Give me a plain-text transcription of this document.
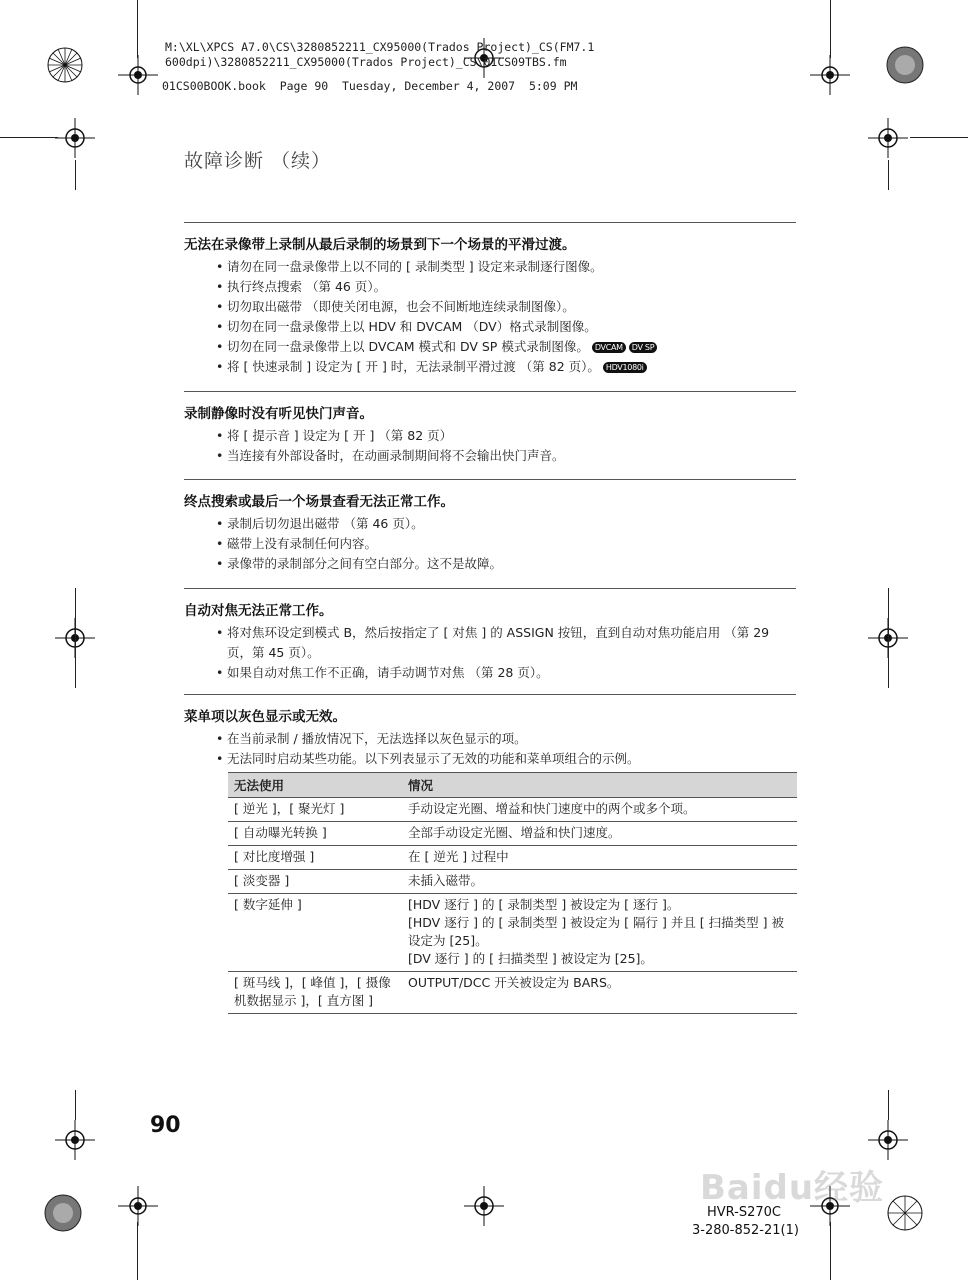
M:\XL\XPCS A7.0\CS\3280852211_CX95000(Trados Project)_CS(FM7.1
600dpi)\3280852211_CX95000(Trados Project)_CS\01CS09TBS.fm
01CS00BOOK.book  Page 90  Tuesday, December 4, 2007  5:09 PM
故障诊断 （续）
无法在录像带上录制从最后录制的场景到下一个场景的平滑过渡。
• 请勿在同一盘录像带上以不同的 [ 录制类型 ] 设定来录制逐行图像。
• 执行终点搜索 （第 46 页）。
• 切勿取出磁带 （即使关闭电源，也会不间断地连续录制图像）。
• 切勿在同一盘录像带上以 HDV 和 DVCAM （DV）格式录制图像。
• 切勿在同一盘录像带上以 DVCAM 模式和 DV SP 模式录制图像。 DVCAM DV SP
• 将 [ 快速录制 ] 设定为 [ 开 ] 时，无法录制平滑过渡 （第 82 页）。 HDV1080i
录制静像时没有听见快门声音。
• 将 [ 提示音 ] 设定为 [ 开 ] （第 82 页）
• 当连接有外部设备时，在动画录制期间将不会输出快门声音。
终点搜索或最后一个场景查看无法正常工作。
• 录制后切勿退出磁带 （第 46 页）。
• 磁带上没有录制任何内容。
• 录像带的录制部分之间有空白部分。这不是故障。
自动对焦无法正常工作。
• 将对焦环设定到模式 B，然后按指定了 [ 对焦 ] 的 ASSIGN 按钮，直到自动对焦功能启用 （第 29 页，第 45 页）。
• 如果自动对焦工作不正确，请手动调节对焦 （第 28 页）。
菜单项以灰色显示或无效。
• 在当前录制 / 播放情况下，无法选择以灰色显示的项。
• 无法同时启动某些功能。以下列表显示了无效的功能和菜单项组合的示例。
无法使用	情况
[ 逆光 ]，[ 聚光灯 ]	手动设定光圈、增益和快门速度中的两个或多个项。

[ 自动曝光转换 ]	全部手动设定光圈、增益和快门速度。

[ 对比度增强 ]	在 [ 逆光 ] 过程中

[ 淡变器 ]	未插入磁带。

[ 数字延伸 ]	[HDV 逐行 ] 的 [ 录制类型 ] 被设定为 [ 逐行 ]。
[HDV 逐行 ] 的 [ 录制类型 ] 被设定为 [ 隔行 ] 并且 [ 扫描类型 ] 被设定为 [25]。
[DV 逐行 ] 的 [ 扫描类型 ] 被设定为 [25]。

[ 斑马线 ]，[ 峰值 ]，[ 摄像机数据显示 ]，[ 直方图 ]	OUTPUT/DCC 开关被设定为 BARS。
90
Baidu经验
HVR-S270C
3-280-852-21(1)
